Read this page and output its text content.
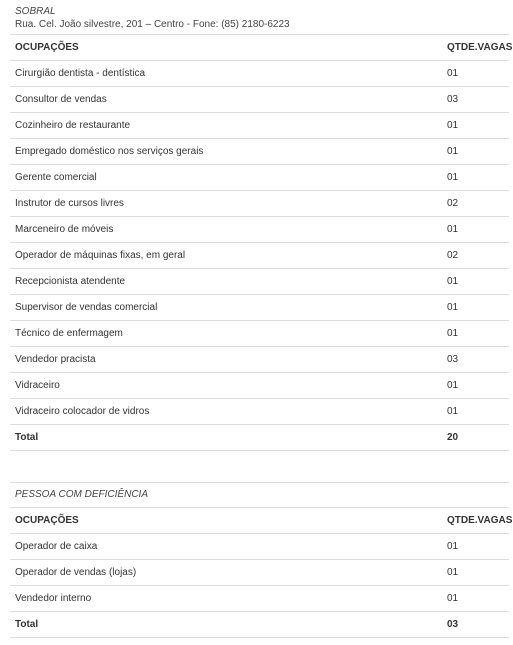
SOBRAL
Rua. Cel. João silvestre, 201 – Centro - Fone: (85) 2180-6223
OCUPAÇÕES	QTDE.VAGAS
Cirurgião dentista - dentística	01
Consultor de vendas	03
Cozinheiro de restaurante	01
Empregado doméstico nos serviços gerais	01
Gerente comercial	01
Instrutor de cursos livres	02
Marceneiro de móveis	01
Operador de máquinas fixas, em geral	02
Recepcionista atendente	01
Supervisor de vendas comercial	01
Técnico de enfermagem	01
Vendedor pracista	03
Vidraceiro	01
Vidraceiro colocador de vidros	01
Total	20
PESSOA COM DEFICIÊNCIA
OCUPAÇÕES	QTDE.VAGAS
Operador de caixa	01
Operador de vendas (lojas)	01
Vendedor interno	01
Total	03
